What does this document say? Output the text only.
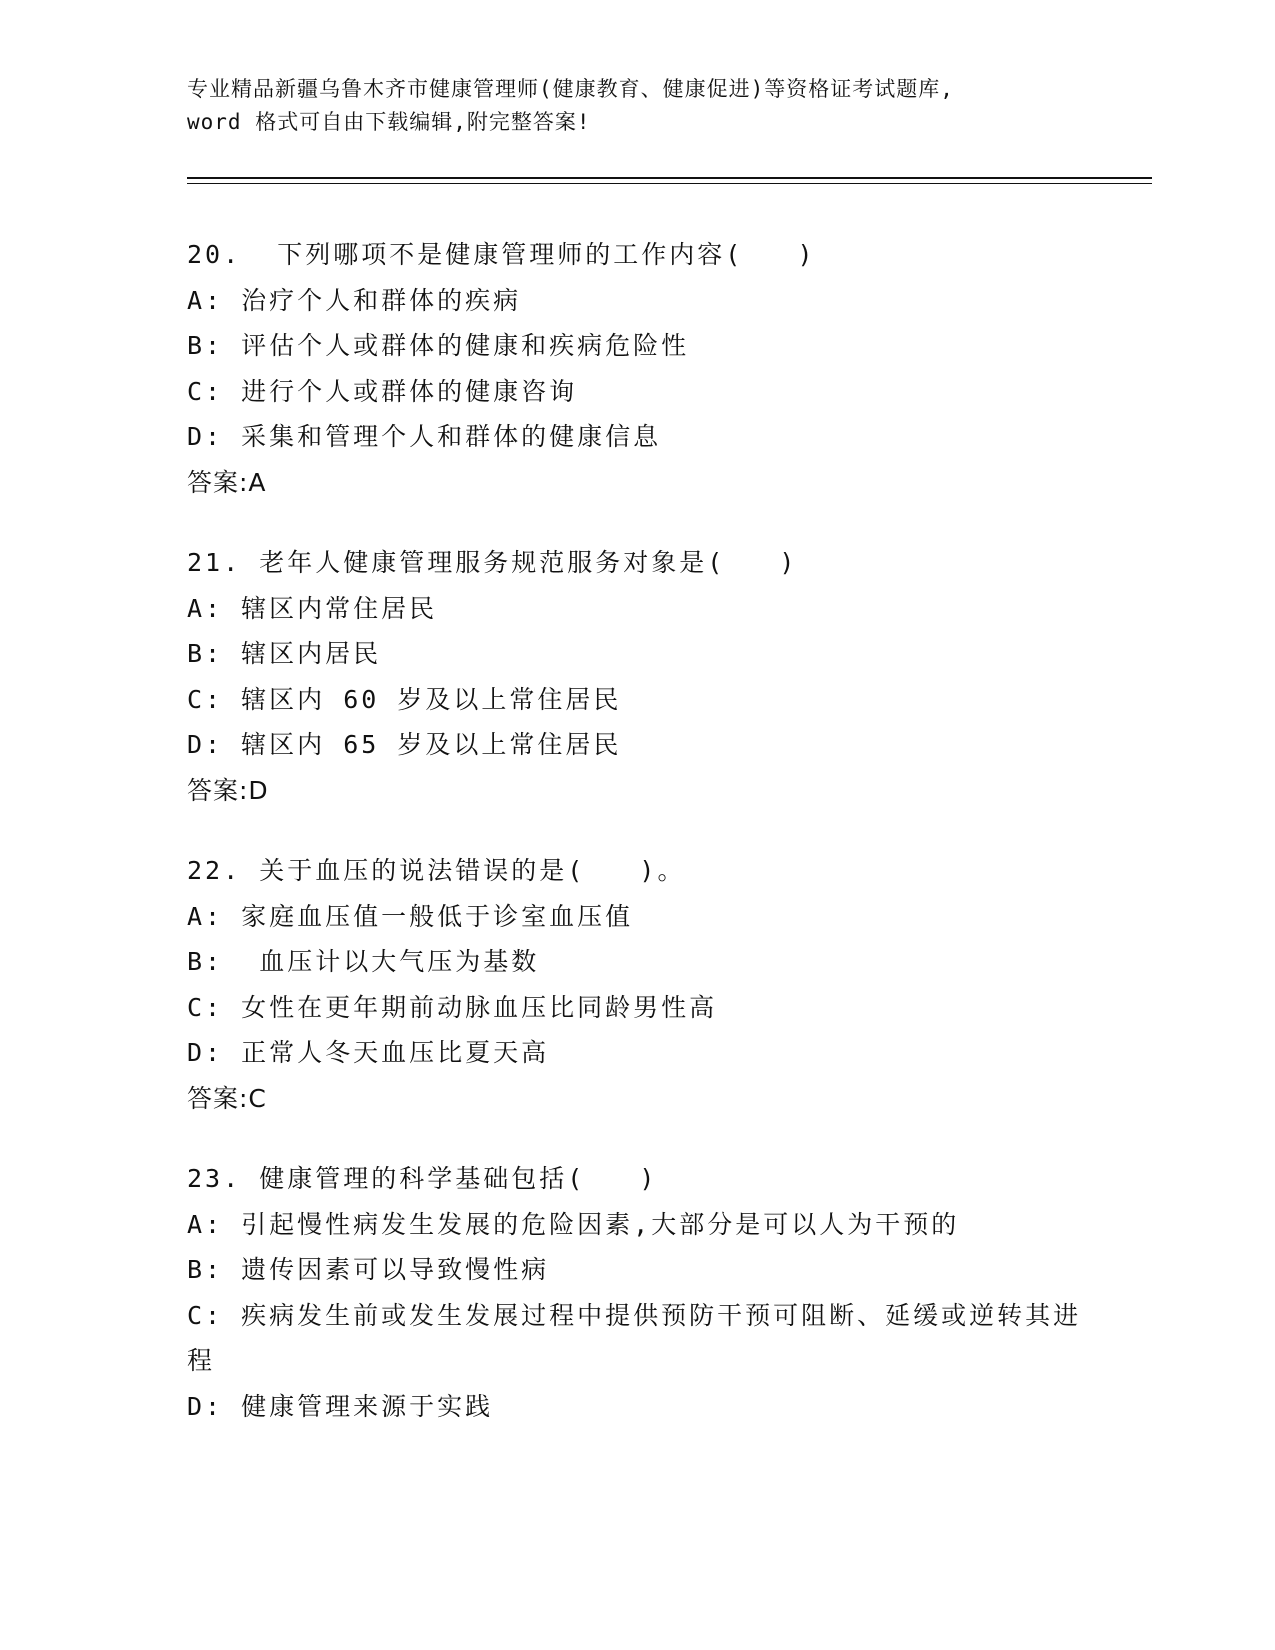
专业精品新疆乌鲁木齐市健康管理师(健康教育、健康促进)等资格证考试题库,
word 格式可自由下载编辑,附完整答案!
20.  下列哪项不是健康管理师的工作内容(   )
A: 治疗个人和群体的疾病
B: 评估个人或群体的健康和疾病危险性
C: 进行个人或群体的健康咨询
D: 采集和管理个人和群体的健康信息
答案:A
21. 老年人健康管理服务规范服务对象是(   )
A: 辖区内常住居民
B: 辖区内居民
C: 辖区内 60 岁及以上常住居民
D: 辖区内 65 岁及以上常住居民
答案:D
22. 关于血压的说法错误的是(   )。
A: 家庭血压值一般低于诊室血压值
B:  血压计以大气压为基数
C: 女性在更年期前动脉血压比同龄男性高
D: 正常人冬天血压比夏天高
答案:C
23. 健康管理的科学基础包括(   )
A: 引起慢性病发生发展的危险因素,大部分是可以人为干预的
B: 遗传因素可以导致慢性病
C: 疾病发生前或发生发展过程中提供预防干预可阻断、延缓或逆转其进程
D: 健康管理来源于实践
